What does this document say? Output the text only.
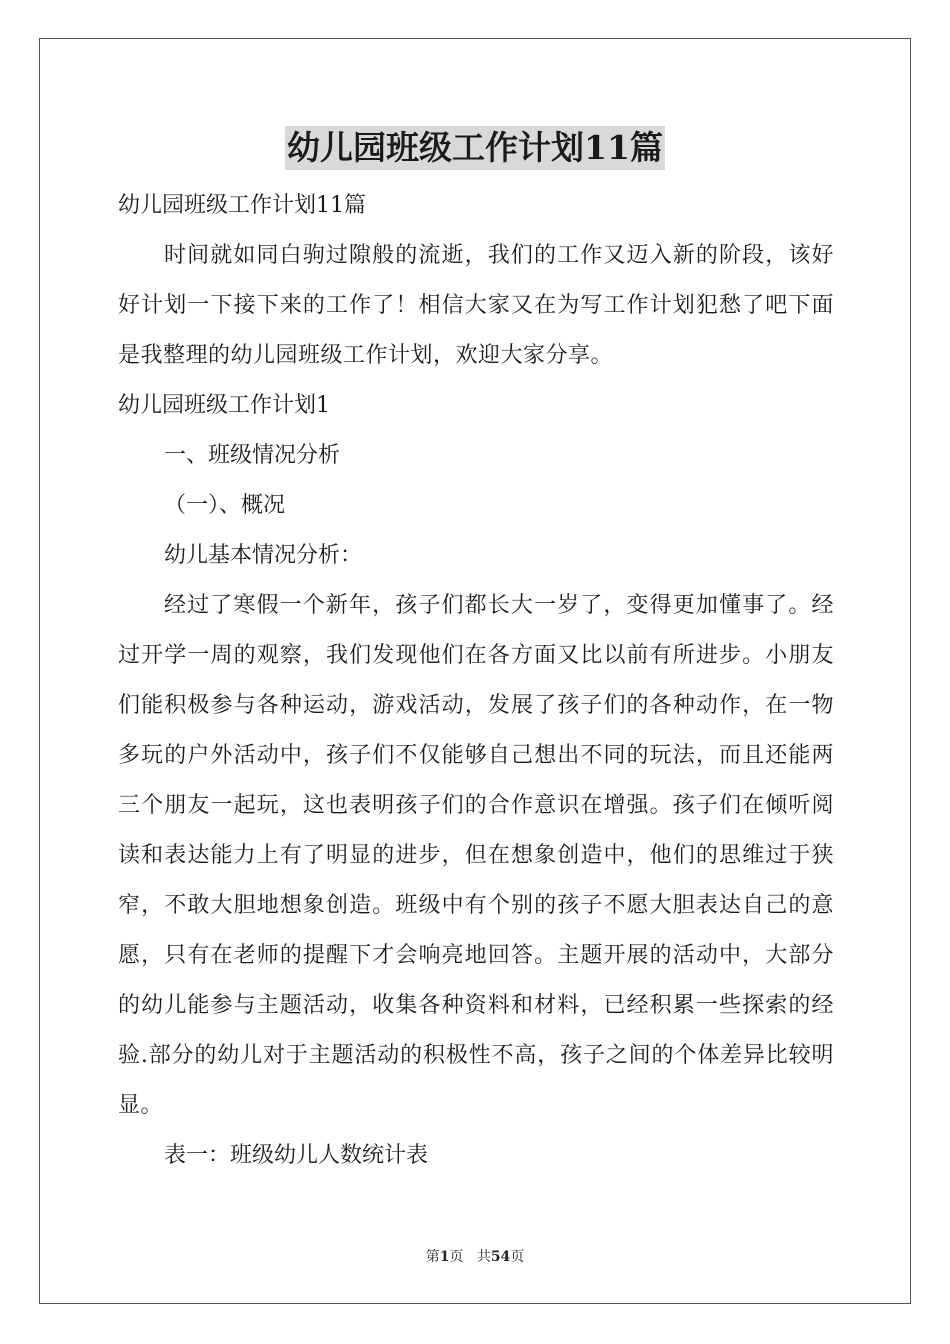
幼儿园班级工作计划11篇
幼儿园班级工作计划11篇
时间就如同白驹过隙般的流逝，我们的工作又迈入新的阶段，该好好计划一下接下来的工作了！相信大家又在为写工作计划犯愁了吧下面是我整理的幼儿园班级工作计划，欢迎大家分享。
幼儿园班级工作计划1
一、班级情况分析
（一）、概况
幼儿基本情况分析：
经过了寒假一个新年，孩子们都长大一岁了，变得更加懂事了。经过开学一周的观察，我们发现他们在各方面又比以前有所进步。小朋友们能积极参与各种运动，游戏活动，发展了孩子们的各种动作，在一物多玩的户外活动中，孩子们不仅能够自己想出不同的玩法，而且还能两三个朋友一起玩，这也表明孩子们的合作意识在增强。孩子们在倾听阅读和表达能力上有了明显的进步，但在想象创造中，他们的思维过于狭窄，不敢大胆地想象创造。班级中有个别的孩子不愿大胆表达自己的意愿，只有在老师的提醒下才会响亮地回答。主题开展的活动中，大部分的幼儿能参与主题活动，收集各种资料和材料，已经积累一些探索的经验.部分的幼儿对于主题活动的积极性不高，孩子之间的个体差异比较明显。
表一：班级幼儿人数统计表
第1页 共54页
